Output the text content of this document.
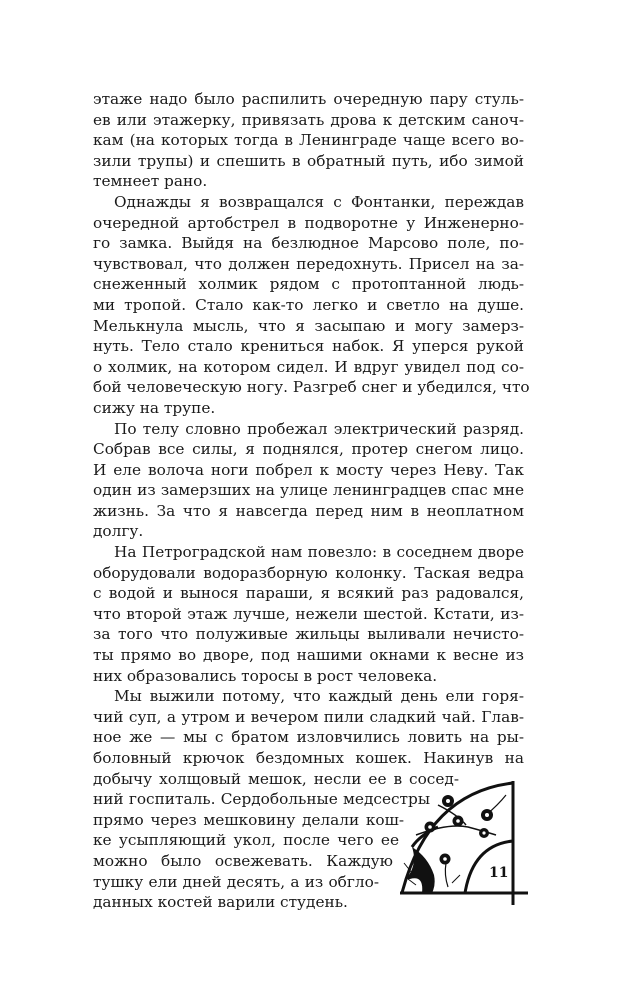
этаже надо было распилить очередную пару стуль-
ев или этажерку, привязать дрова к детским саноч-
кам (на которых тогда в Ленинграде чаще всего во-
зили трупы) и спешить в обратный путь, ибо зимой
темнеет рано.

Однажды я возвращался с Фонтанки, переждав
очередной артобстрел в подворотне у Инженерно-
го замка. Выйдя на безлюдное Марсово поле, по-
чувствовал, что должен передохнуть. Присел на за-
снеженный холмик рядом с протоптанной людь-
ми тропой. Стало как-то легко и светло на душе.
Мелькнула мысль, что я засыпаю и могу замерз-
нуть. Тело стало крениться набок. Я уперся рукой
о холмик, на котором сидел. И вдруг увидел под со-
бой человеческую ногу. Разгреб снег и убедился, что
сижу на трупе.

По телу словно пробежал электрический разряд.
Собрав все силы, я поднялся, протер снегом лицо.
И еле волоча ноги побрел к мосту через Неву. Так
один из замерзших на улице ленинградцев спас мне
жизнь. За что я навсегда перед ним в неоплатном
долгу.

На Петроградской нам повезло: в соседнем дворе
оборудовали водоразборную колонку. Таская ведра
с водой и вынося параши, я всякий раз радовался,
что второй этаж лучше, нежели шестой. Кстати, из-
за того что полуживые жильцы выливали нечисто-
ты прямо во дворе, под нашими окнами к весне из
них образовались торосы в рост человека.

Мы выжили потому, что каждый день ели горя-
чий суп, а утром и вечером пили сладкий чай. Глав-
ное же — мы с братом изловчились ловить на ры-
боловный крючок бездомных кошек. Накинув на
добычу холщовый мешок, несли ее в сосед-
ний госпиталь. Сердобольные медсестры
прямо через мешковину делали кош-
ке усыпляющий укол, после чего ее
можно было освежевать. Каждую
тушку ели дней десять, а из обгло-
данных костей варили студень.

11
